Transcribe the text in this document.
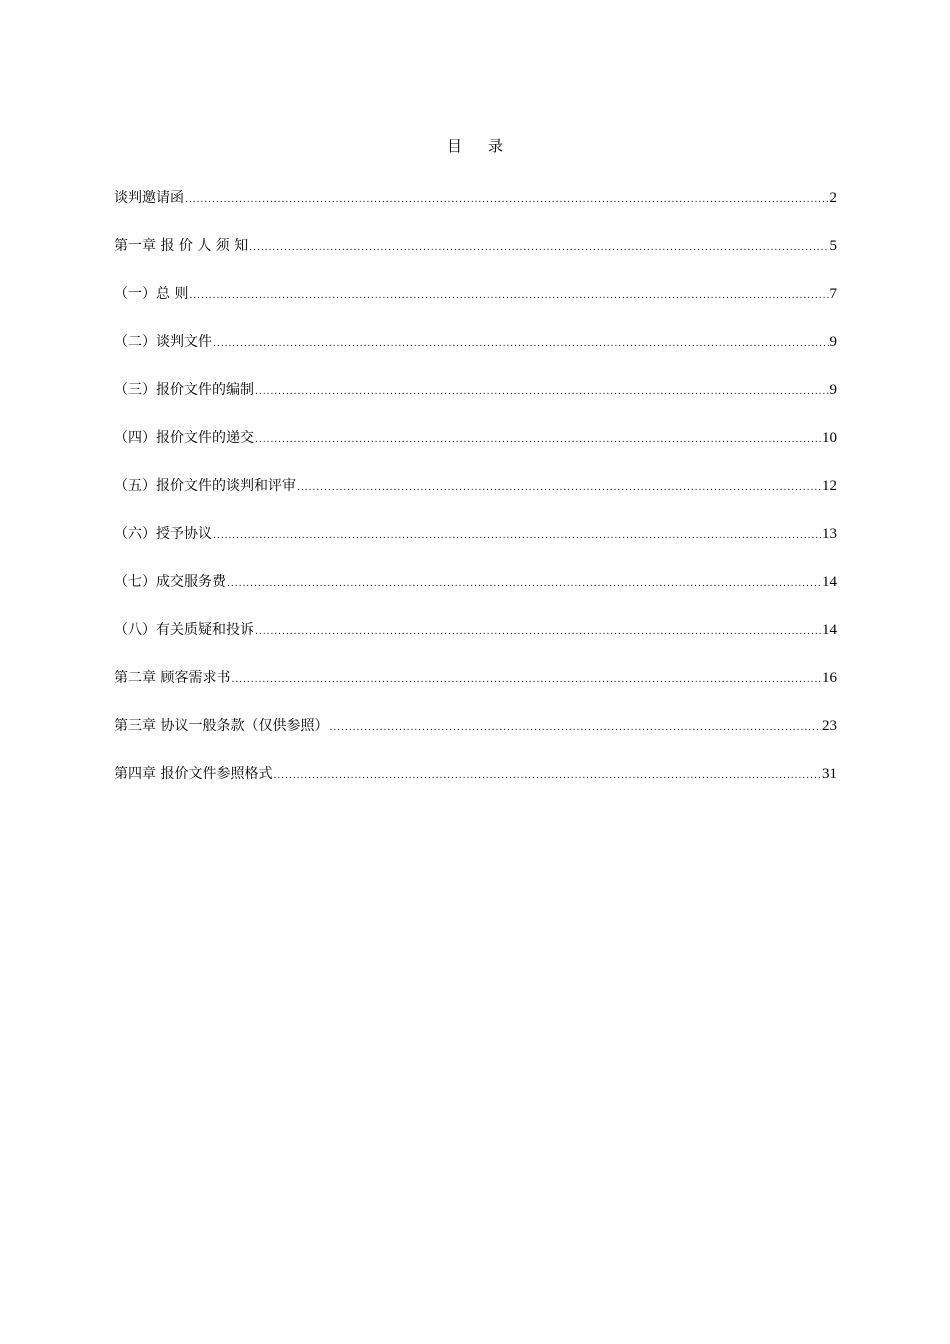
目录
谈判邀请函 .....	2
第一章 报 价 人 须 知 .....	5
（一）总 则 .....	7
（二）谈判文件 .....	9
（三）报价文件的编制 .....	9
（四）报价文件的递交 .....	10
（五）报价文件的谈判和评审 .....	12
（六）授予协议 .....	13
（七）成交服务费 .....	14
（八）有关质疑和投诉 .....	14
第二章 顾客需求书 .....	16
第三章 协议一般条款（仅供参照） .....	23
第四章 报价文件参照格式 .....	31
